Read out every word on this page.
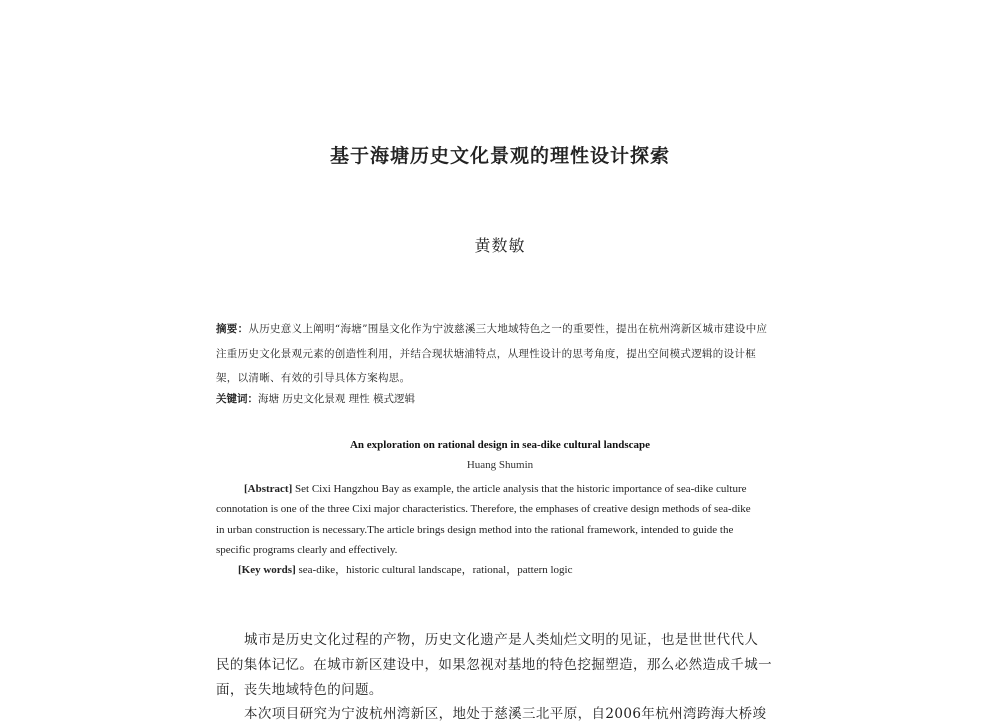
基于海塘历史文化景观的理性设计探索
黄数敏
摘要：从历史意义上阐明“海塘”围垦文化作为宁波慈溪三大地域特色之一的重要性，提出在杭州湾新区城市建设中应注重历史文化景观元素的创造性利用，并结合现状塘浦特点，从理性设计的思考角度，提出空间模式逻辑的设计框架，以清晰、有效的引导具体方案构思。
关键词：海塘 历史文化景观 理性 模式逻辑
An exploration on rational design in sea-dike cultural landscape
Huang Shumin
[Abstract] Set Cixi Hangzhou Bay as example, the article analysis that the historic importance of sea-dike culture connotation is one of the three Cixi major characteristics. Therefore, the emphases of creative design methods of sea-dike in urban construction is necessary.The article brings design method into the rational framework, intended to guide the specific programs clearly and effectively.
[Key words] sea-dike，historic cultural landscape，rational，pattern logic
城市是历史文化过程的产物，历史文化遗产是人类灿烂文明的见证，也是世世代代人民的集体记忆。在城市新区建设中，如果忽视对基地的特色挖掘塑造，那么必然造成千城一面，丧失地域特色的问题。
本次项目研究为宁波杭州湾新区，地处于慈溪三北平原，自2006年杭州湾跨海大桥竣
